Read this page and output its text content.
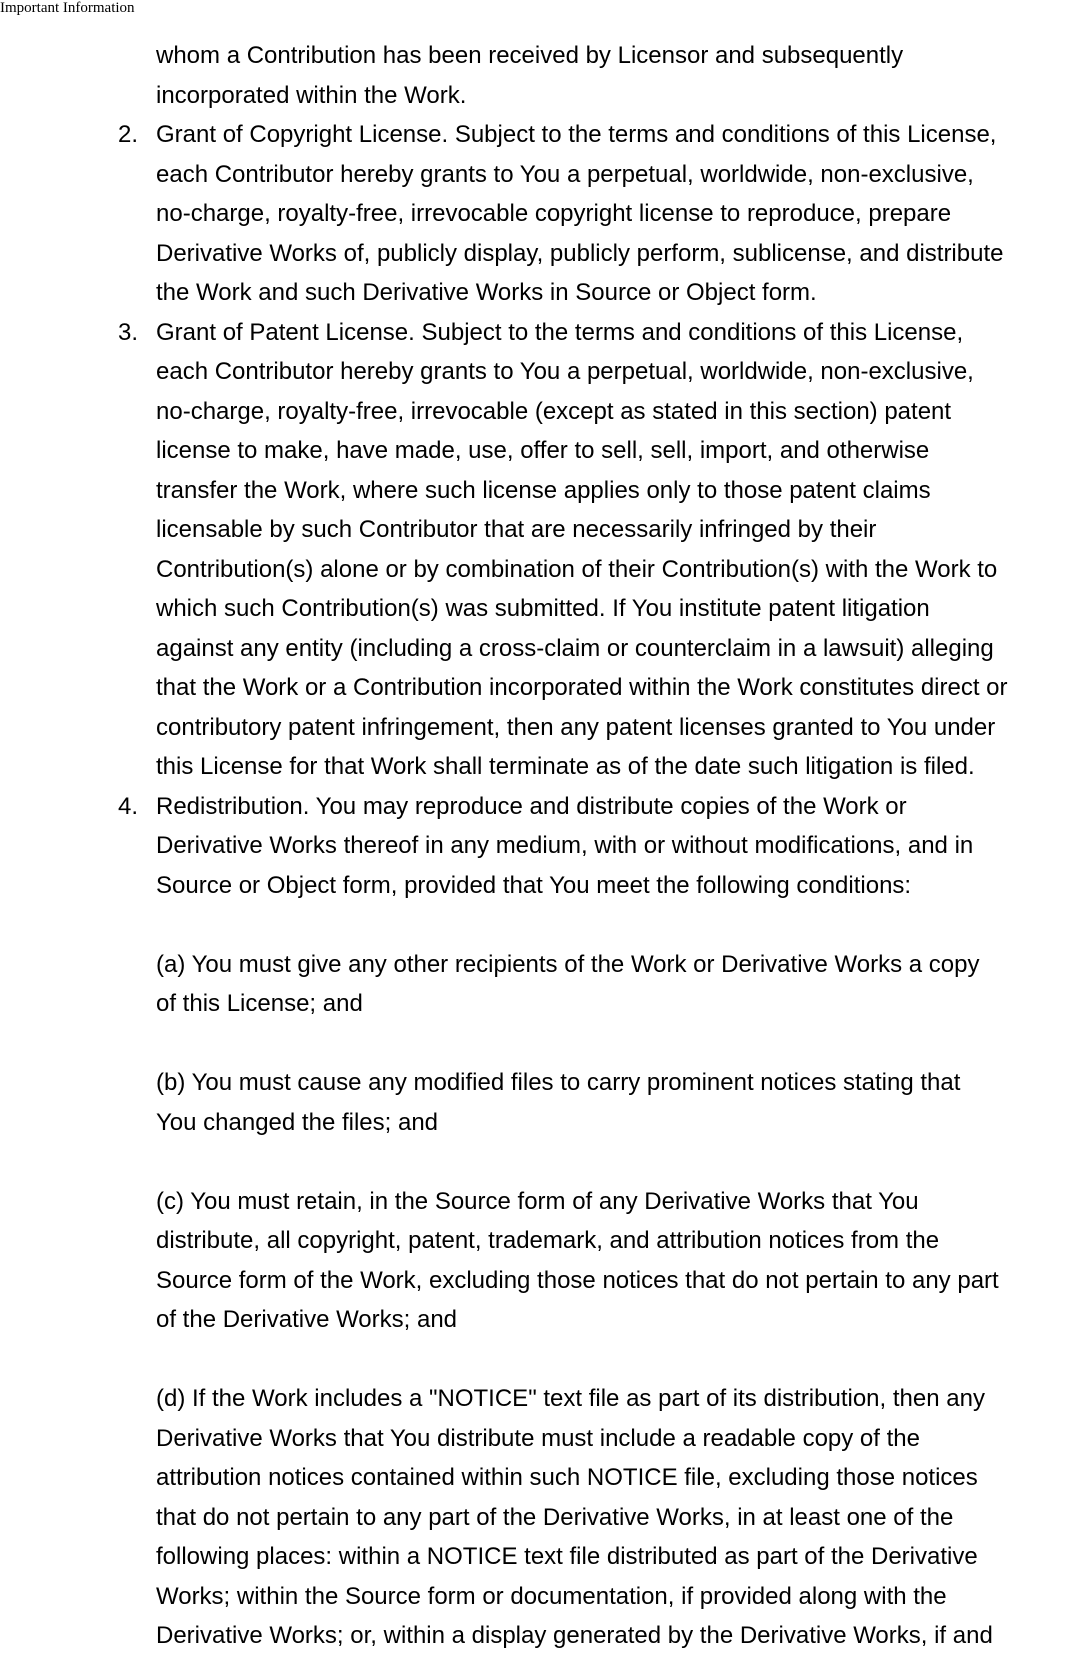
Important Information
whom a Contribution has been received by Licensor and subsequently
incorporated within the Work.
2. Grant of Copyright License. Subject to the terms and conditions of this License,
each Contributor hereby grants to You a perpetual, worldwide, non-exclusive,
no-charge, royalty-free, irrevocable copyright license to reproduce, prepare
Derivative Works of, publicly display, publicly perform, sublicense, and distribute
the Work and such Derivative Works in Source or Object form.
3. Grant of Patent License. Subject to the terms and conditions of this License,
each Contributor hereby grants to You a perpetual, worldwide, non-exclusive,
no-charge, royalty-free, irrevocable (except as stated in this section) patent
license to make, have made, use, offer to sell, sell, import, and otherwise
transfer the Work, where such license applies only to those patent claims
licensable by such Contributor that are necessarily infringed by their
Contribution(s) alone or by combination of their Contribution(s) with the Work to
which such Contribution(s) was submitted. If You institute patent litigation
against any entity (including a cross-claim or counterclaim in a lawsuit) alleging
that the Work or a Contribution incorporated within the Work constitutes direct or
contributory patent infringement, then any patent licenses granted to You under
this License for that Work shall terminate as of the date such litigation is filed.
4. Redistribution. You may reproduce and distribute copies of the Work or
Derivative Works thereof in any medium, with or without modifications, and in
Source or Object form, provided that You meet the following conditions:
(a) You must give any other recipients of the Work or Derivative Works a copy
of this License; and
(b) You must cause any modified files to carry prominent notices stating that
You changed the files; and
(c) You must retain, in the Source form of any Derivative Works that You
distribute, all copyright, patent, trademark, and attribution notices from the
Source form of the Work, excluding those notices that do not pertain to any part
of the Derivative Works; and
(d) If the Work includes a "NOTICE" text file as part of its distribution, then any
Derivative Works that You distribute must include a readable copy of the
attribution notices contained within such NOTICE file, excluding those notices
that do not pertain to any part of the Derivative Works, in at least one of the
following places: within a NOTICE text file distributed as part of the Derivative
Works; within the Source form or documentation, if provided along with the
Derivative Works; or, within a display generated by the Derivative Works, if and
